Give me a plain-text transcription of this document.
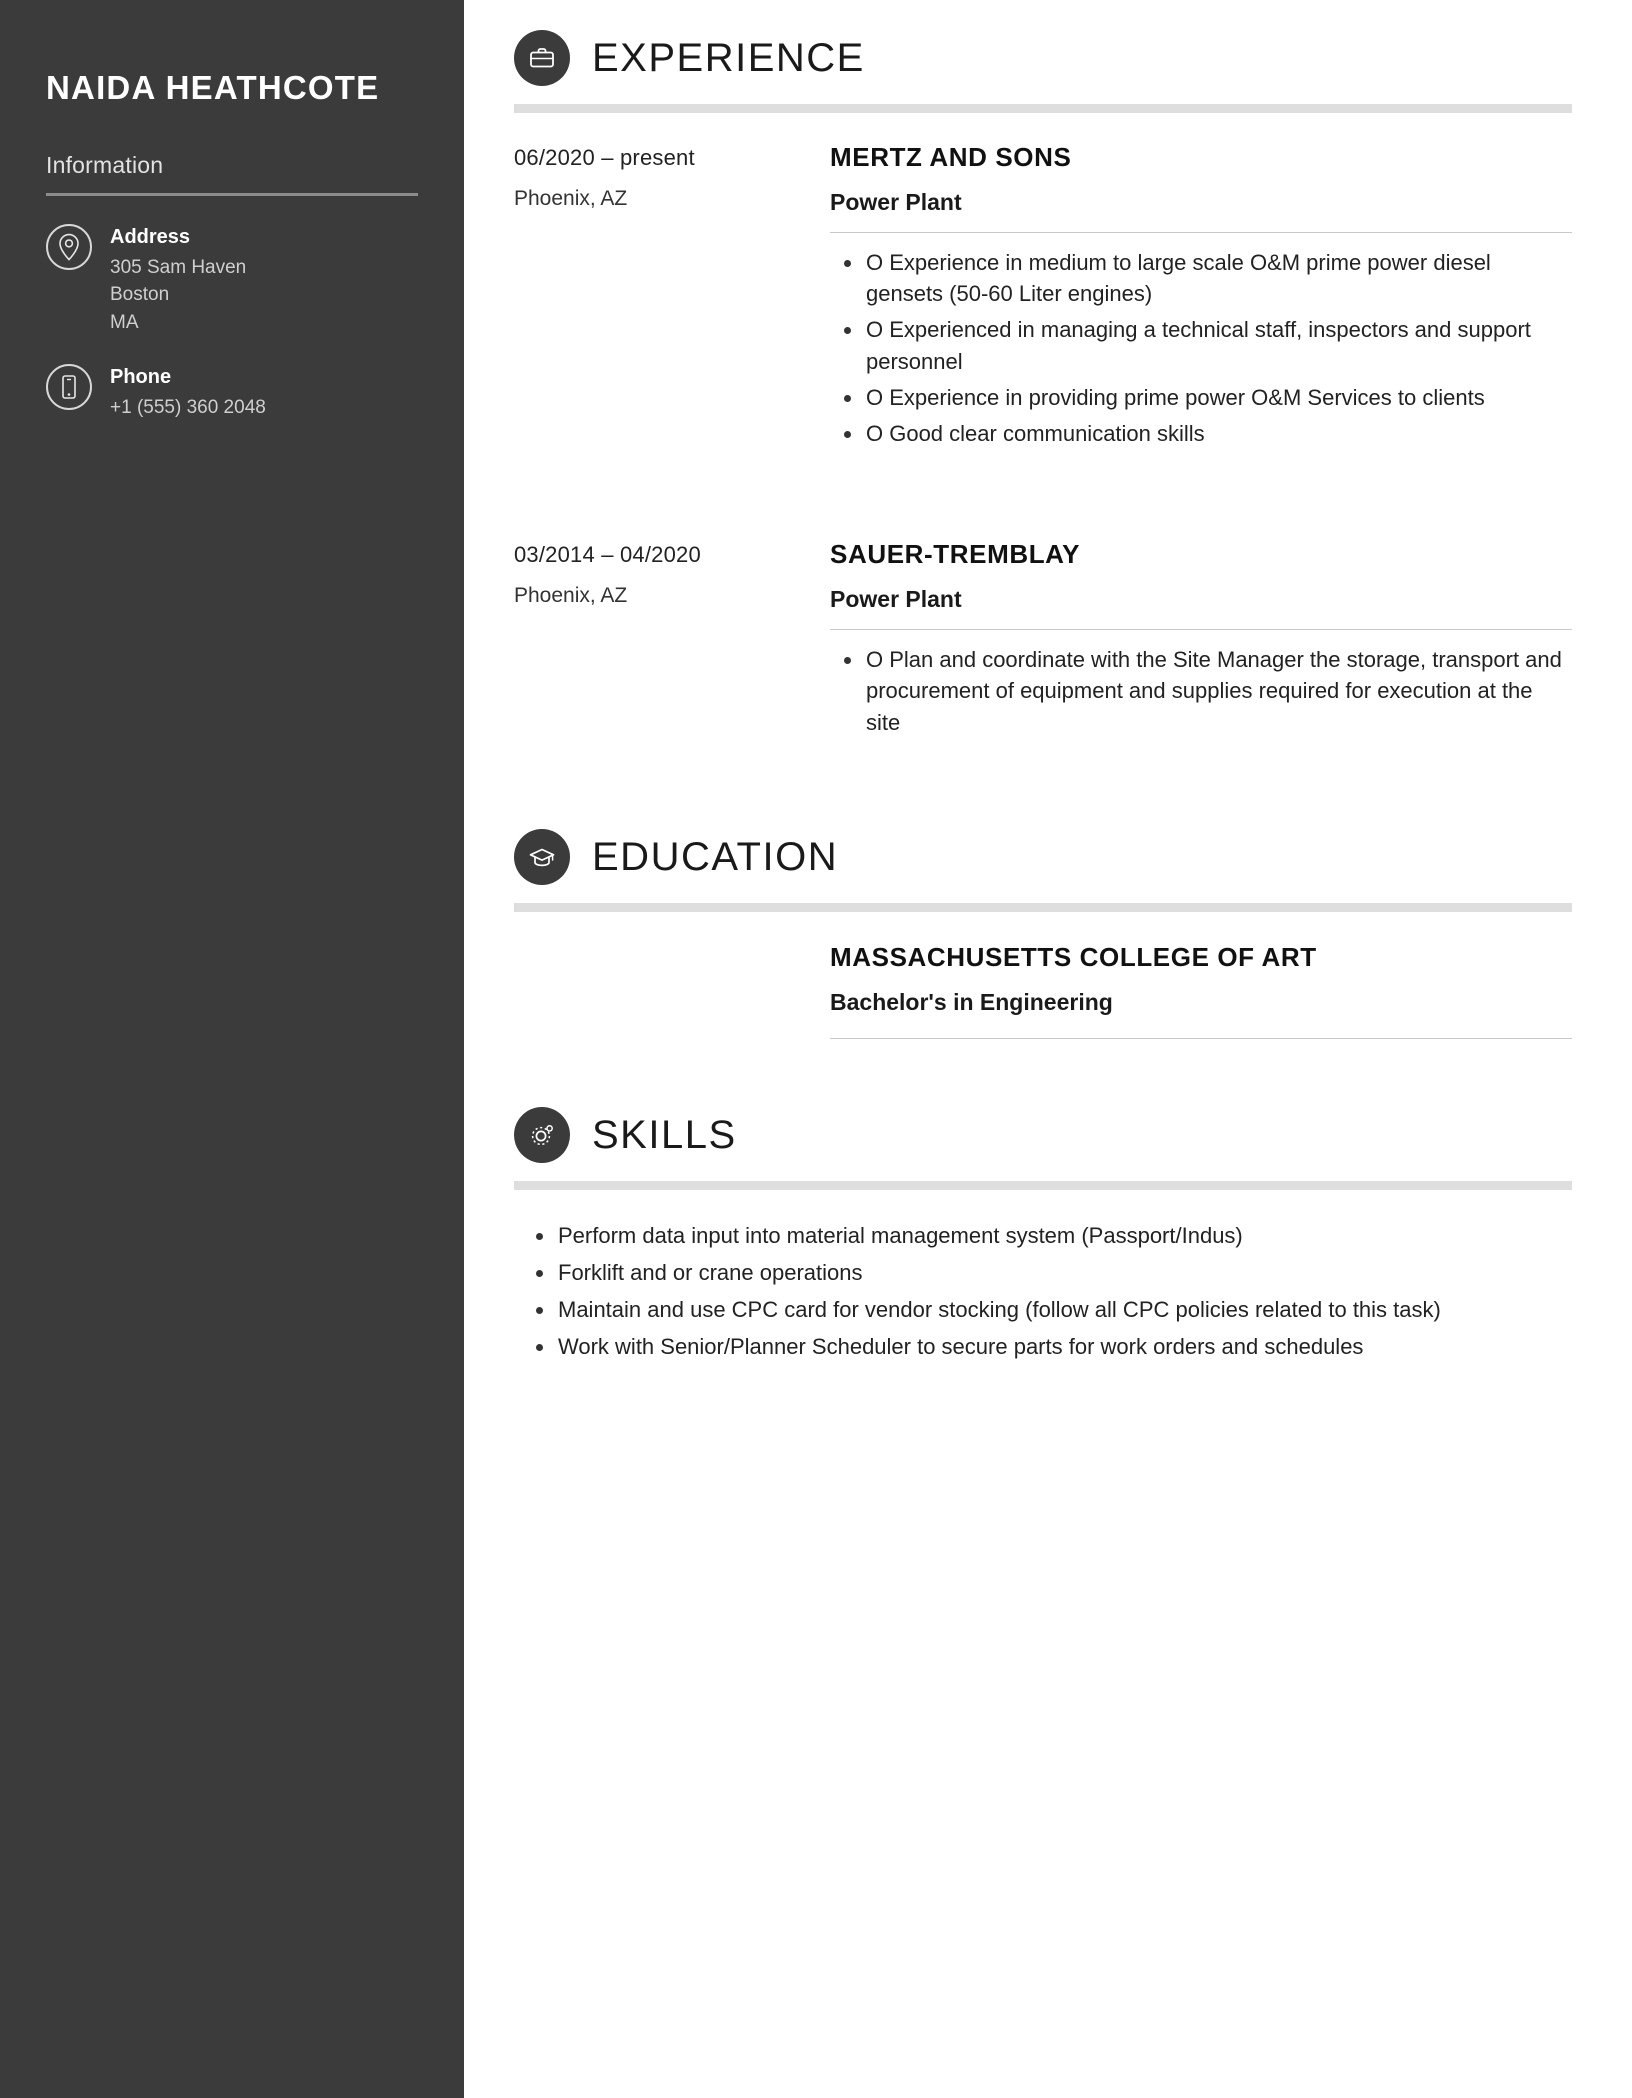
NAIDA HEATHCOTE
Information
Address
305 Sam Haven
Boston
MA
Phone
+1 (555) 360 2048
EXPERIENCE
06/2020 – present
Phoenix, AZ
MERTZ AND SONS
Power Plant
O Experience in medium to large scale O&M prime power diesel gensets (50-60 Liter engines)
O Experienced in managing a technical staff, inspectors and support personnel
O Experience in providing prime power O&M Services to clients
O Good clear communication skills
03/2014 – 04/2020
Phoenix, AZ
SAUER-TREMBLAY
Power Plant
O Plan and coordinate with the Site Manager the storage, transport and procurement of equipment and supplies required for execution at the site
EDUCATION
MASSACHUSETTS COLLEGE OF ART
Bachelor's in Engineering
SKILLS
Perform data input into material management system (Passport/Indus)
Forklift and or crane operations
Maintain and use CPC card for vendor stocking (follow all CPC policies related to this task)
Work with Senior/Planner Scheduler to secure parts for work orders and schedules
